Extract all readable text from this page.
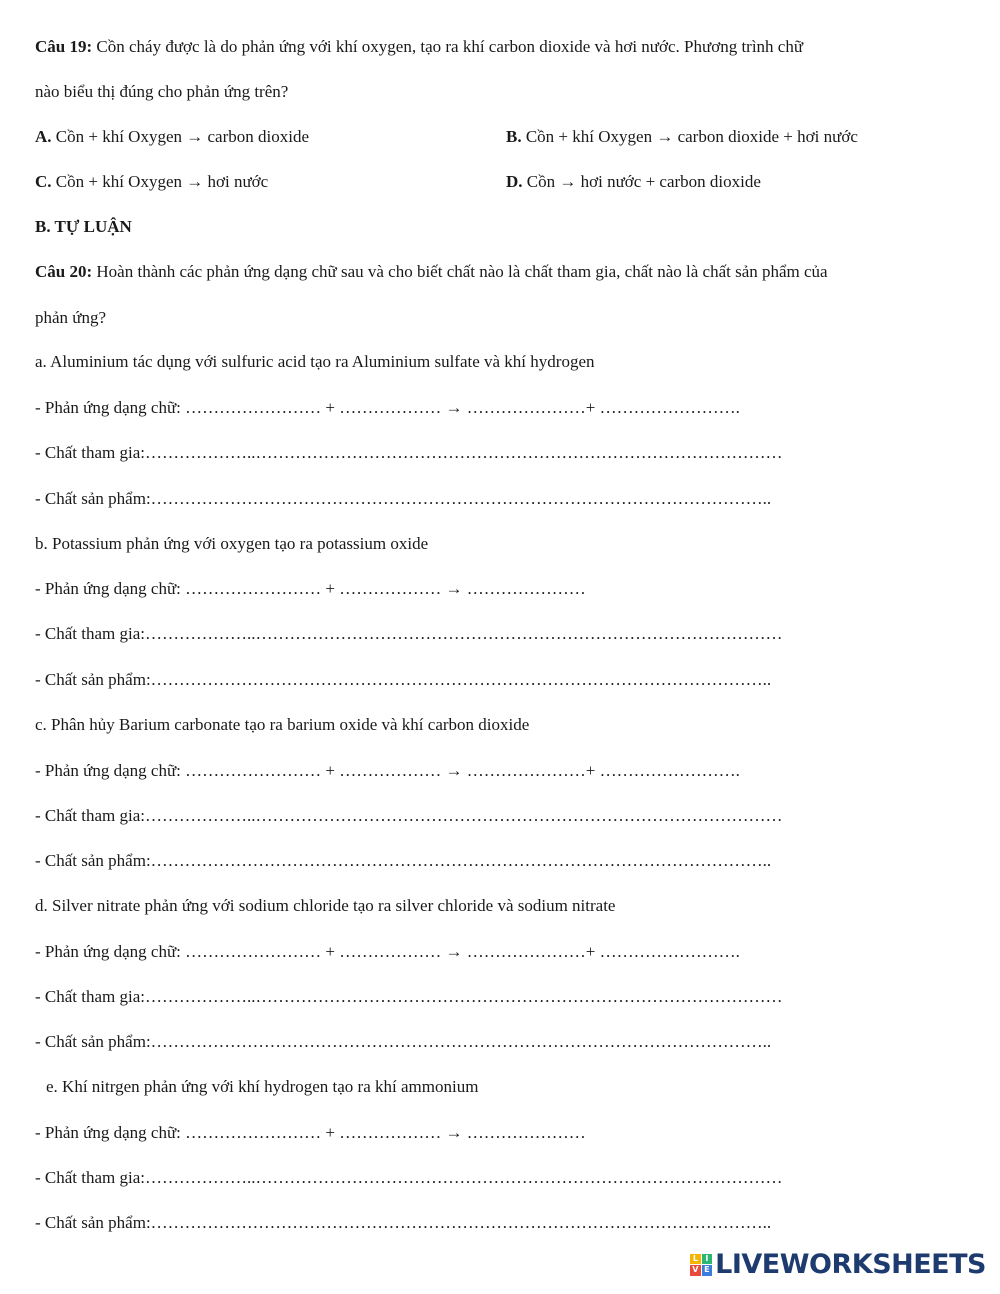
Câu 19: Cồn cháy được là do phản ứng với khí oxygen, tạo ra khí carbon dioxide và hơi nước. Phương trình chữ
nào biểu thị đúng cho phản ứng trên?
A. Cồn + khí Oxygen → carbon dioxide	B. Cồn + khí Oxygen → carbon dioxide + hơi nước
C. Cồn + khí Oxygen → hơi nước	D. Cồn → hơi nước + carbon dioxide
B. TỰ LUẬN
Câu 20: Hoàn thành các phản ứng dạng chữ sau và cho biết chất nào là chất tham gia, chất nào là chất sản phẩm của
phản ứng?
a. Aluminium tác dụng với sulfuric acid tạo ra Aluminium sulfate và khí hydrogen
- Phản ứng dạng chữ: …………………… + ……………… → …………………+ …………………….
- Chất tham gia:………………..…………………………………………………………………………………
- Chất sản phẩm:………………………………………………………………………………………………..
b. Potassium phản ứng với oxygen tạo ra potassium oxide
- Phản ứng dạng chữ: …………………… + ……………… → …………………
- Chất tham gia:………………..…………………………………………………………………………………
- Chất sản phẩm:………………………………………………………………………………………………..
c. Phân hủy Barium carbonate tạo ra barium oxide và khí carbon dioxide
- Phản ứng dạng chữ: …………………… + ……………… → …………………+ …………………….
- Chất tham gia:………………..…………………………………………………………………………………
- Chất sản phẩm:………………………………………………………………………………………………..
d. Silver nitrate phản ứng với sodium chloride tạo ra silver chloride và sodium nitrate
- Phản ứng dạng chữ: …………………… + ……………… → …………………+ …………………….
- Chất tham gia:………………..…………………………………………………………………………………
- Chất sản phẩm:………………………………………………………………………………………………..
e. Khí nitrgen phản ứng với khí hydrogen tạo ra khí ammonium
- Phản ứng dạng chữ: …………………… + ……………… → …………………
- Chất tham gia:………………..…………………………………………………………………………………
- Chất sản phẩm:………………………………………………………………………………………………..
L I
V E LIVEWORKSHEETS
